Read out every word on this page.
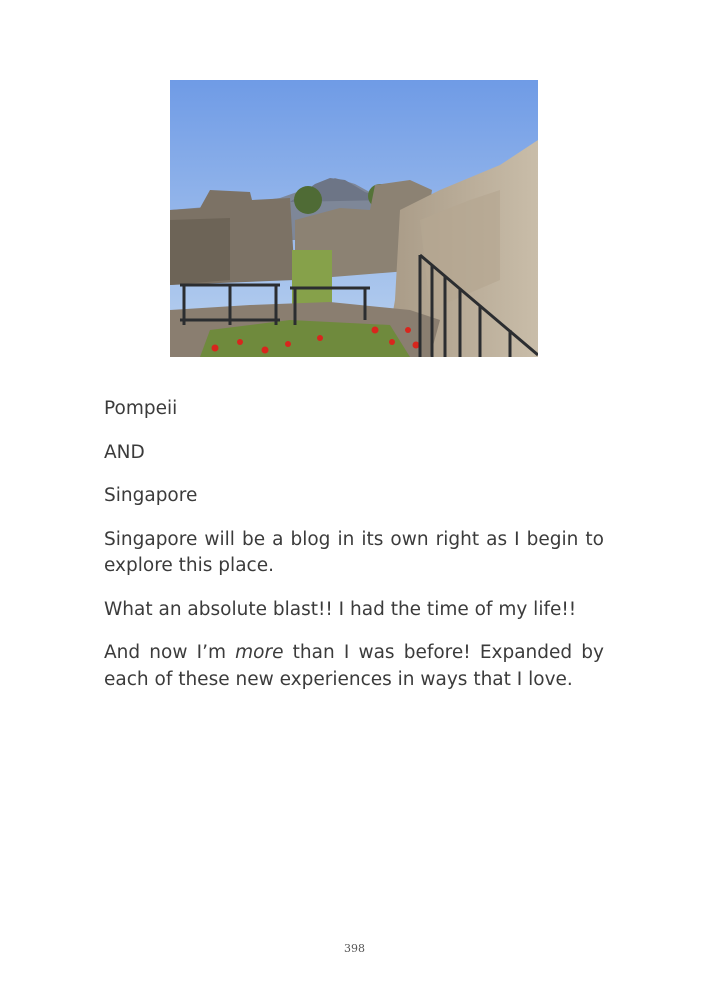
Pompeii

AND

Singapore

Singapore will be a blog in its own right as I begin to explore this place.

What an absolute blast!! I had the time of my life!!

And now I’m more than I was before! Expanded by each of these new experiences in ways that I love.

398
